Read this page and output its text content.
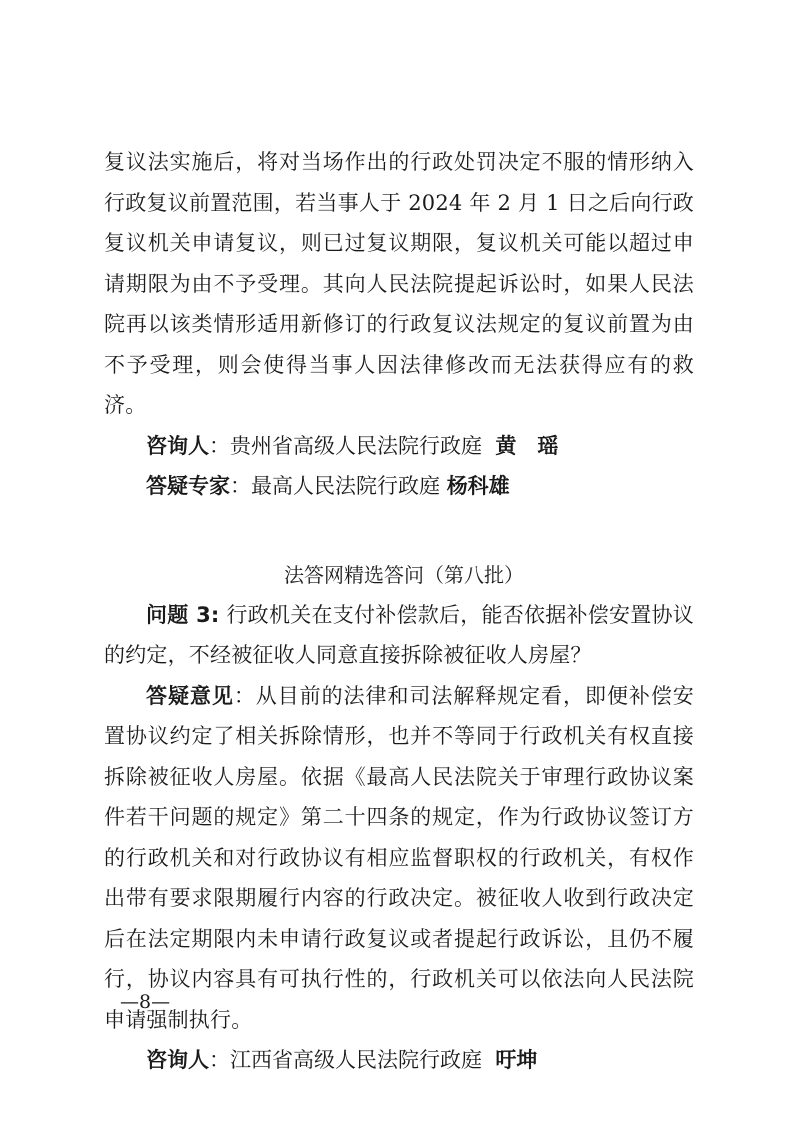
复议法实施后，将对当场作出的行政处罚决定不服的情形纳入行政复议前置范围，若当事人于 2024 年 2 月 1 日之后向行政复议机关申请复议，则已过复议期限，复议机关可能以超过申请期限为由不予受理。其向人民法院提起诉讼时，如果人民法院再以该类情形适用新修订的行政复议法规定的复议前置为由不予受理，则会使得当事人因法律修改而无法获得应有的救济。

咨询人：贵州省高级人民法院行政庭 黄　瑶

答疑专家：最高人民法院行政庭 杨科雄

法答网精选答问（第八批）

问题 3: 行政机关在支付补偿款后，能否依据补偿安置协议的约定，不经被征收人同意直接拆除被征收人房屋？

答疑意见：从目前的法律和司法解释规定看，即便补偿安置协议约定了相关拆除情形，也并不等同于行政机关有权直接拆除被征收人房屋。依据《最高人民法院关于审理行政协议案件若干问题的规定》第二十四条的规定，作为行政协议签订方的行政机关和对行政协议有相应监督职权的行政机关，有权作出带有要求限期履行内容的行政决定。被征收人收到行政决定后在法定期限内未申请行政复议或者提起行政诉讼，且仍不履行，协议内容具有可执行性的，行政机关可以依法向人民法院申请强制执行。

咨询人：江西省高级人民法院行政庭 吁坤

—8—
